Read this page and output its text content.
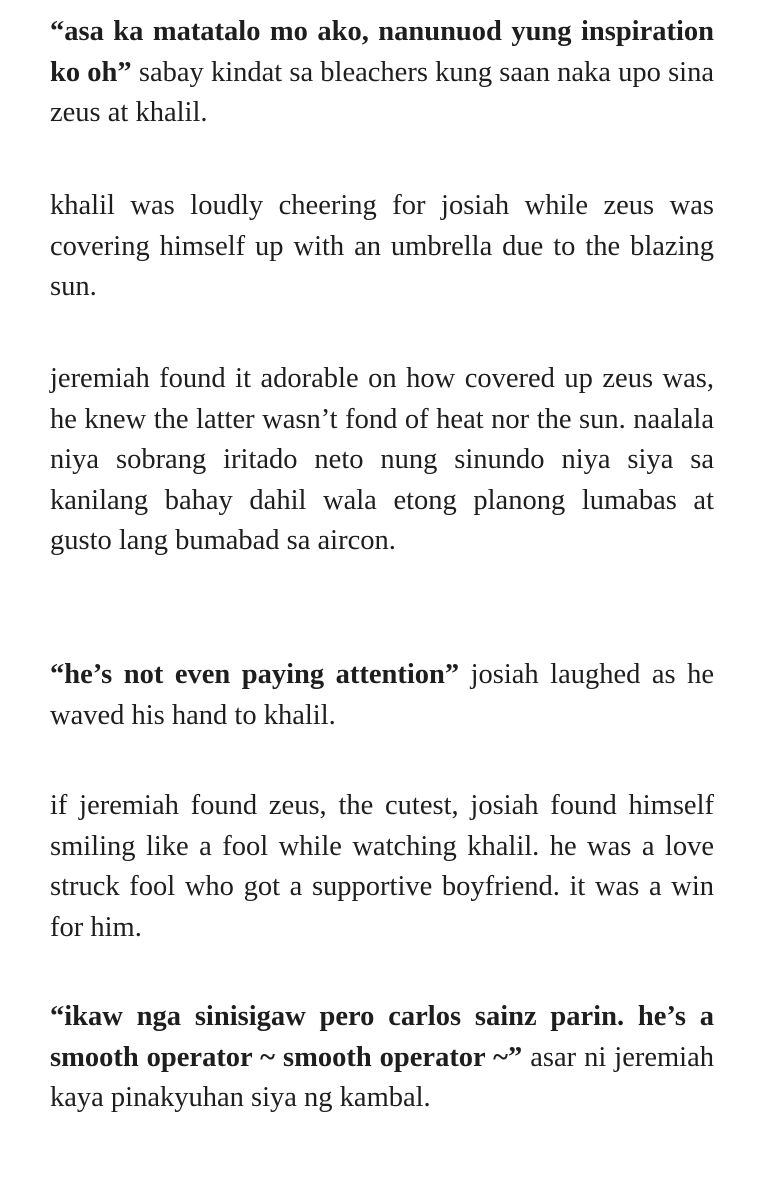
“asa ka matatalo mo ako, nanunuod yung inspiration ko oh” sabay kindat sa bleachers kung saan naka upo sina zeus at khalil.

khalil was loudly cheering for josiah while zeus was covering himself up with an umbrella due to the blazing sun.

jeremiah found it adorable on how covered up zeus was, he knew the latter wasn’t fond of heat nor the sun. naalala niya sobrang iritado neto nung sinundo niya siya sa kanilang bahay dahil wala etong planong lumabas at gusto lang bumabad sa aircon.

“he’s not even paying attention” josiah laughed as he waved his hand to khalil.

if jeremiah found zeus, the cutest, josiah found himself smiling like a fool while watching khalil. he was a love struck fool who got a supportive boyfriend. it was a win for him.

“ikaw nga sinisigaw pero carlos sainz parin. he’s a smooth operator ~ smooth operator ~” asar ni jeremiah kaya pinakyuhan siya ng kambal.
